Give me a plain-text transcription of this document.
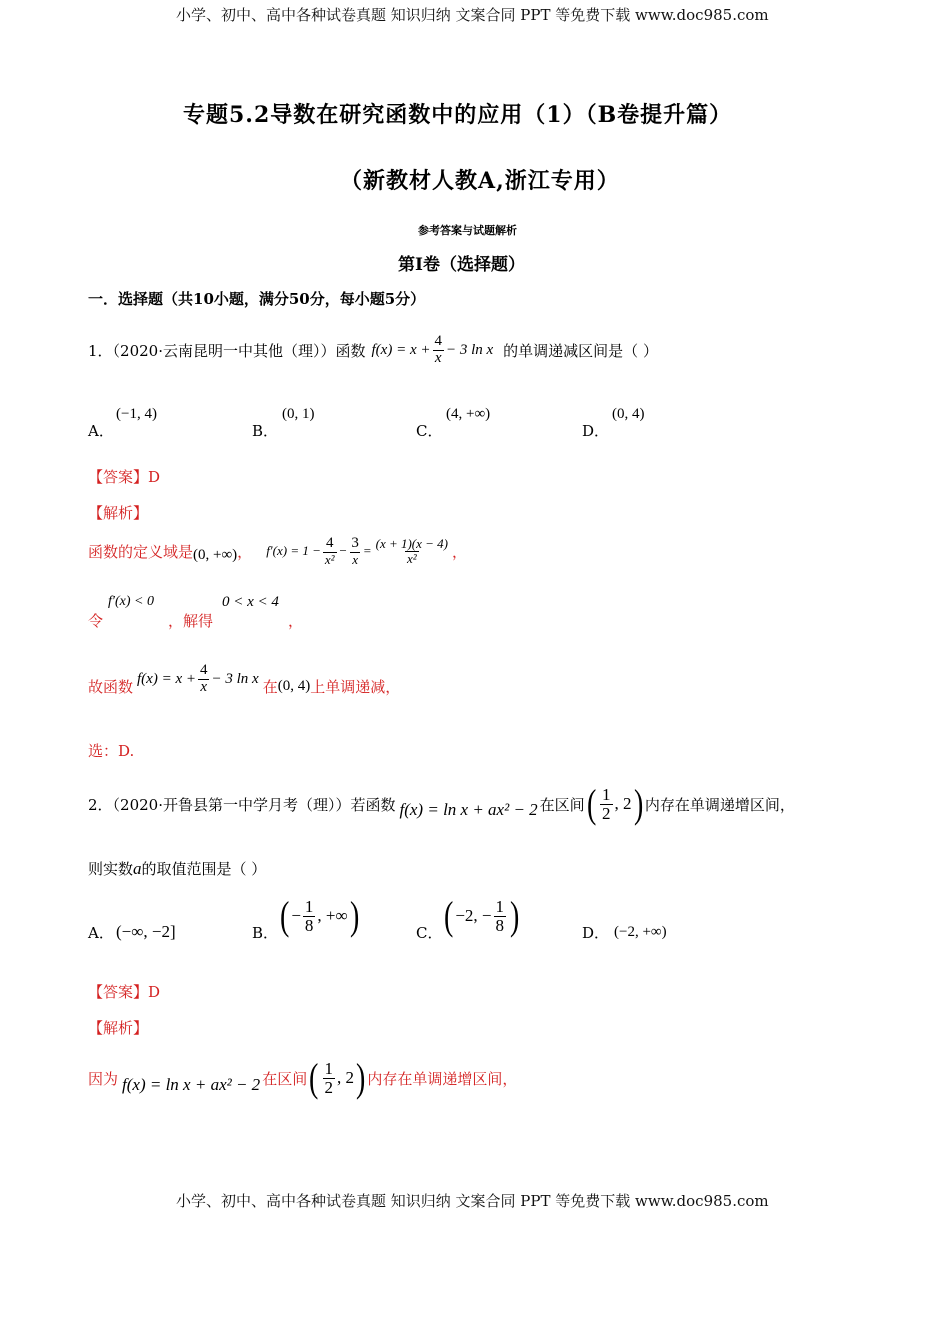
小学、初中、高中各种试卷真题 知识归纳 文案合同 PPT 等免费下载 www.doc985.com
专题5.2导数在研究函数中的应用（1）（B卷提升篇）
（新教材人教A,浙江专用）
参考答案与试题解析
第Ⅰ卷（选择题）
一．选择题（共10小题，满分50分，每小题5分）
1．（2020·云南昆明一中其他（理））函数 $f(x) = x + \frac{4}{x} - 3$ ln x 的单调递减区间是（ ）
A．
(−1, 4)
B．
(0, 1)
C．
(4, +∞)
D．
(0, 4)
【答案】D
【解析】
函数的定义域是 (0, +∞) ， $f'(x) = 1 - \frac{4}{\text{x²}} - \frac{3}{x} = \frac{(x + 1)(x - 4)}{\text{x²}}$ ，
令
f′(x) < 0
，解得
0 < x < 4
，
故函数 $f(x) = x + \frac{4}{x} - 3$ ln x 在 (0, 4) 上单调递减，
选：D.
2．（2020·开鲁县第一中学月考（理））若函数 f(x) = ln x + ax² − 2 在区间 ( $\frac{1}{2}$ , 2 ) 内存在单调递增区间，
则实数 a 的取值范围是（ ）
A． (−∞, −2]	B． ( − $\frac{1}{8}$ , +∞ )	C． ( −2, − $\frac{1}{8}$ )	D． (−2, +∞)
【答案】D
【解析】
因为 f(x) = ln x + ax² − 2 在区间 ( $\frac{1}{2}$ , 2 ) 内存在单调递增区间，
小学、初中、高中各种试卷真题 知识归纳 文案合同 PPT 等免费下载 www.doc985.com
